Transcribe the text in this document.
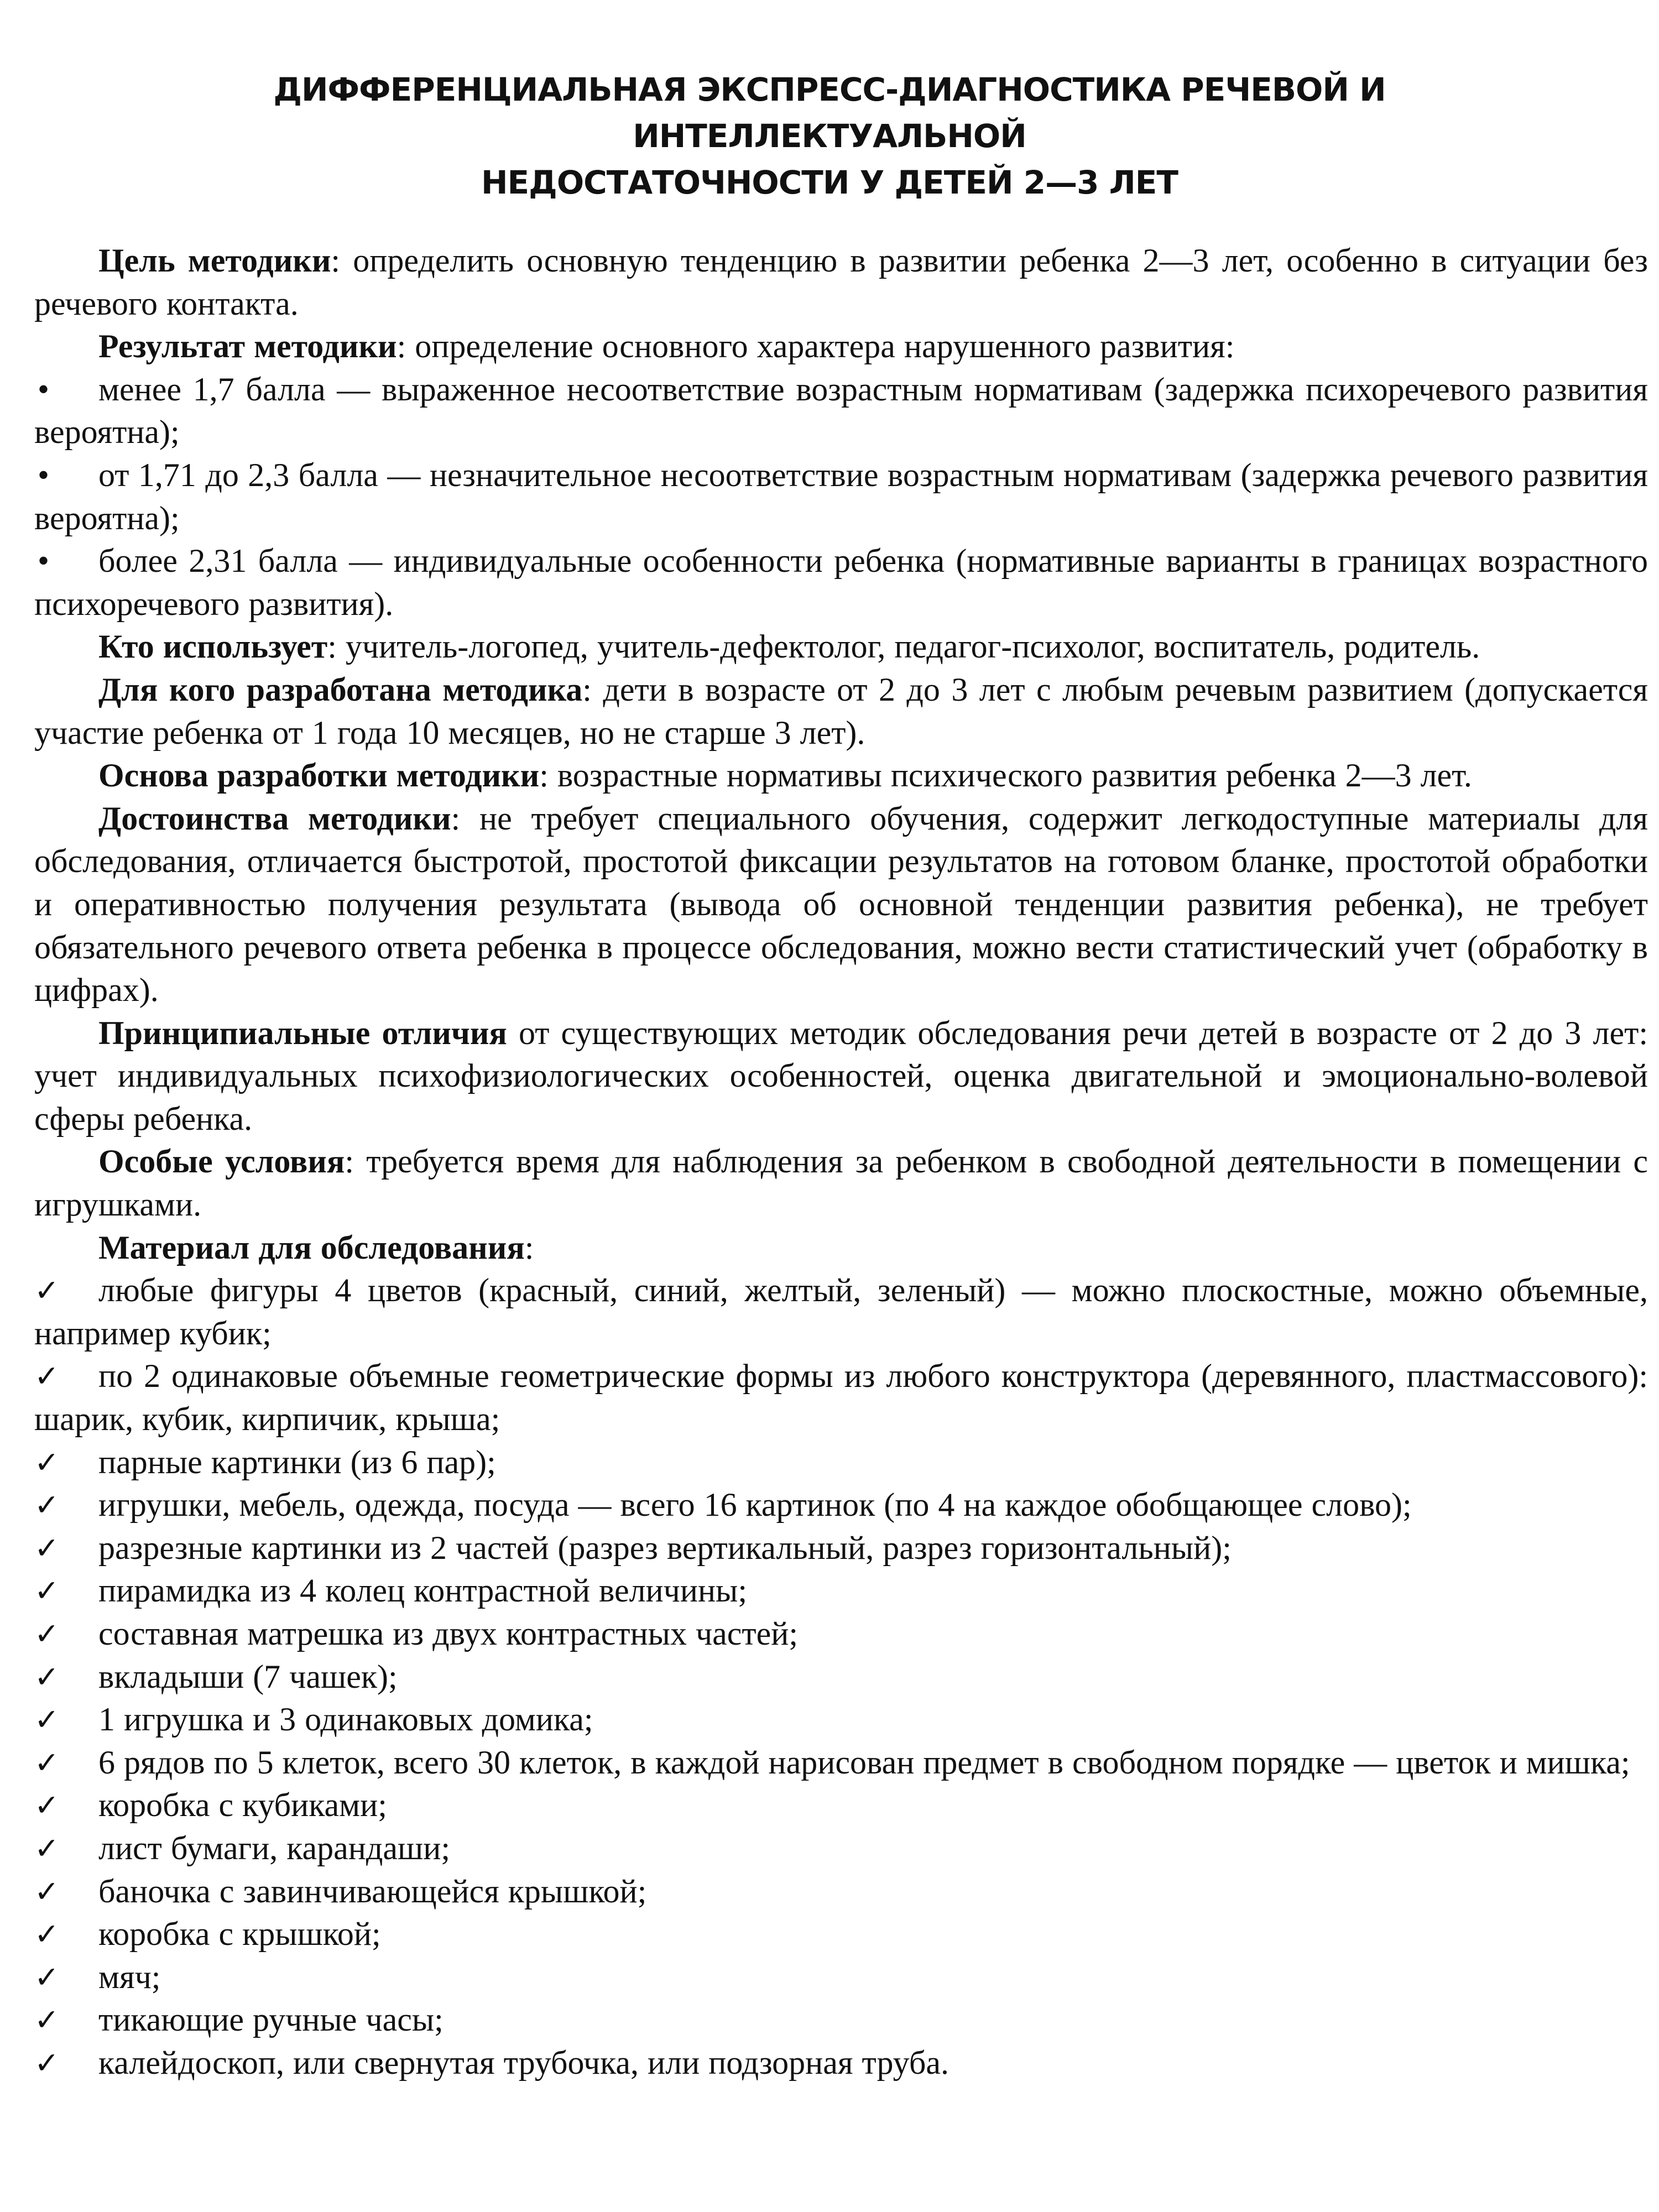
ДИФФЕРЕНЦИАЛЬНАЯ ЭКСПРЕСС-ДИАГНОСТИКА РЕЧЕВОЙ И ИНТЕЛЛЕКТУАЛЬНОЙ
НЕДОСТАТОЧНОСТИ У ДЕТЕЙ 2—3 ЛЕТ

Цель методики: определить основную тенденцию в развитии ребенка 2—3 лет, особенно в ситуации без речевого контакта.

Результат методики: определение основного характера нарушенного развития:

•	менее 1,7 балла — выраженное несоответствие возрастным нормативам (задержка психоречевого развития вероятна);
•	от 1,71 до 2,3 балла — незначительное несоответствие возрастным нормативам (задержка речевого развития вероятна);
•	более 2,31 балла — индивидуальные особенности ребенка (нормативные варианты в границах возрастного психоречевого развития).

Кто использует: учитель-логопед, учитель-дефектолог, педагог-психолог, воспитатель, родитель.

Для кого разработана методика: дети в возрасте от 2 до 3 лет с любым речевым развитием (допускается участие ребенка от 1 года 10 месяцев, но не старше 3 лет).

Основа разработки методики: возрастные нормативы психического развития ребенка 2—3 лет.

Достоинства методики: не требует специального обучения, содержит легкодоступные материалы для обследования, отличается быстротой, простотой фиксации результатов на готовом бланке, простотой обработки и оперативностью получения результата (вывода об основной тенденции развития ребенка), не требует обязательного речевого ответа ребенка в процессе обследования, можно вести статистический учет (обработку в цифрах).

Принципиальные отличия от существующих методик обследования речи детей в возрасте от 2 до 3 лет: учет индивидуальных психофизиологических особенностей, оценка двигательной и эмоционально-волевой сферы ребенка.

Особые условия: требуется время для наблюдения за ребенком в свободной деятельности в помещении с игрушками.

Материал для обследования:

✓	любые фигуры 4 цветов (красный, синий, желтый, зеленый) — можно плоскостные, можно объемные, например кубик;
✓	по 2 одинаковые объемные геометрические формы из любого конструктора (деревянного, пластмассового): шарик, кубик, кирпичик, крыша;
✓	парные картинки (из 6 пар);
✓	игрушки, мебель, одежда, посуда — всего 16 картинок (по 4 на каждое обобщающее слово);
✓	разрезные картинки из 2 частей (разрез вертикальный, разрез горизонтальный);
✓	пирамидка из 4 колец контрастной величины;
✓	составная матрешка из двух контрастных частей;
✓	вкладыши (7 чашек);
✓	1 игрушка и 3 одинаковых домика;
✓	6 рядов по 5 клеток, всего 30 клеток, в каждой нарисован предмет в свободном порядке — цветок и мишка;
✓	коробка с кубиками;
✓	лист бумаги, карандаши;
✓	баночка с завинчивающейся крышкой;
✓	коробка с крышкой;
✓	мяч;
✓	тикающие ручные часы;
✓	калейдоскоп, или свернутая трубочка, или подзорная труба.
